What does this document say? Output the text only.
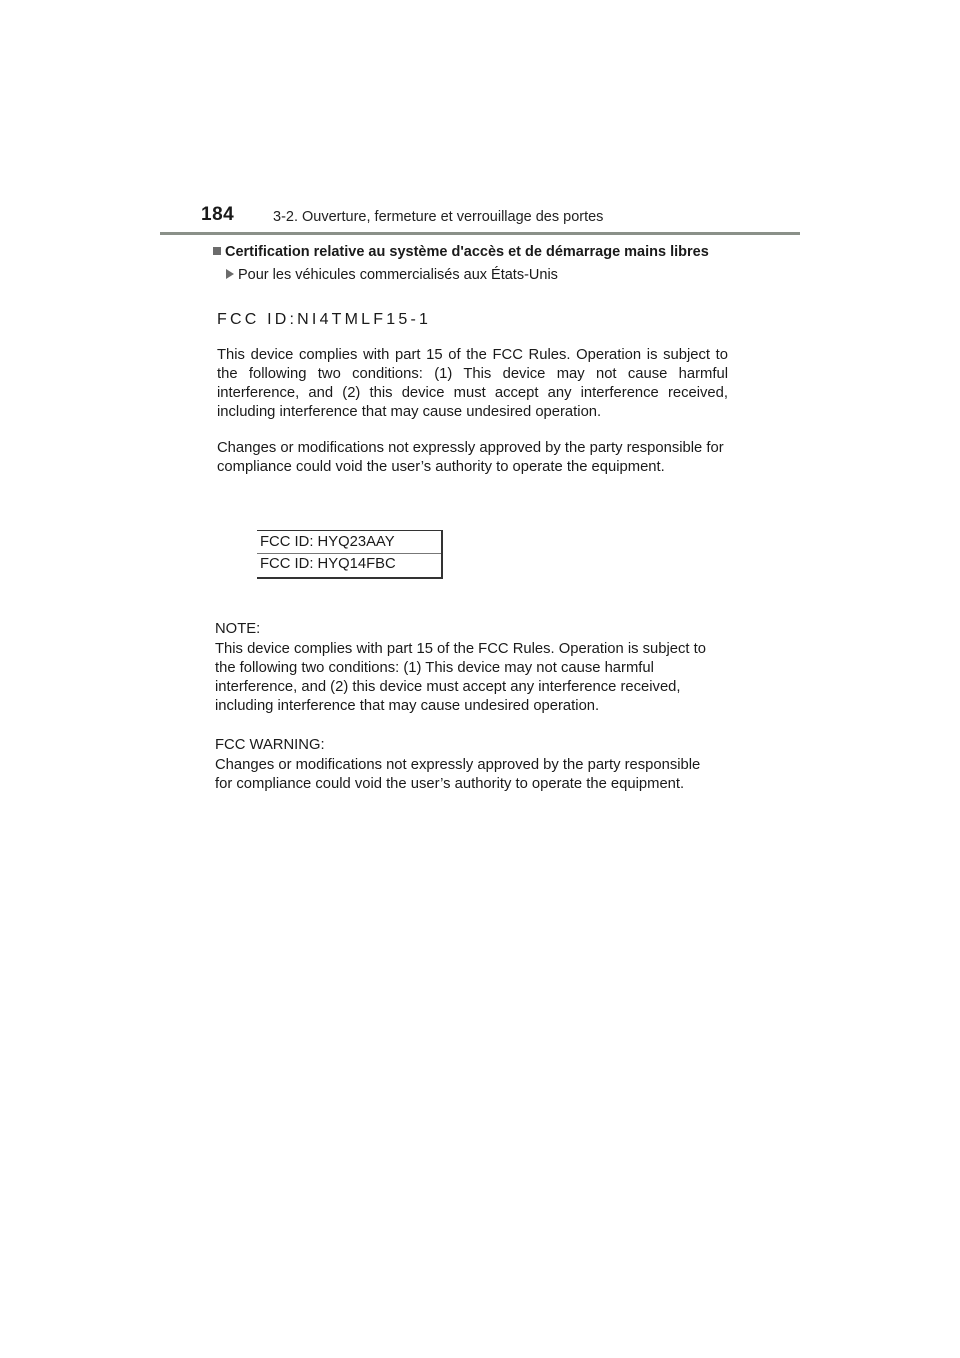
184	3-2. Ouverture, fermeture et verrouillage des portes
Certification relative au système d'accès et de démarrage mains libres
Pour les véhicules commercialisés aux États-Unis
FCC ID:NI4TMLF15-1

This device complies with part 15 of the FCC Rules. Operation is subject to the following two conditions: (1) This device may not cause harmful interference, and (2) this device must accept any interference received, including interference that may cause undesired operation.

Changes or modifications not expressly approved by the party responsible for compliance could void the user’s authority to operate the equipment.

FCC ID: HYQ23AAY
FCC ID: HYQ14FBC
NOTE:

This device complies with part 15 of the FCC Rules. Operation is subject to the following two conditions: (1) This device may not cause harmful interference, and (2) this device must accept any interference received, including interference that may cause undesired operation.

FCC WARNING:

Changes or modifications not expressly approved by the party responsible for compliance could void the user’s authority to operate the equipment.
